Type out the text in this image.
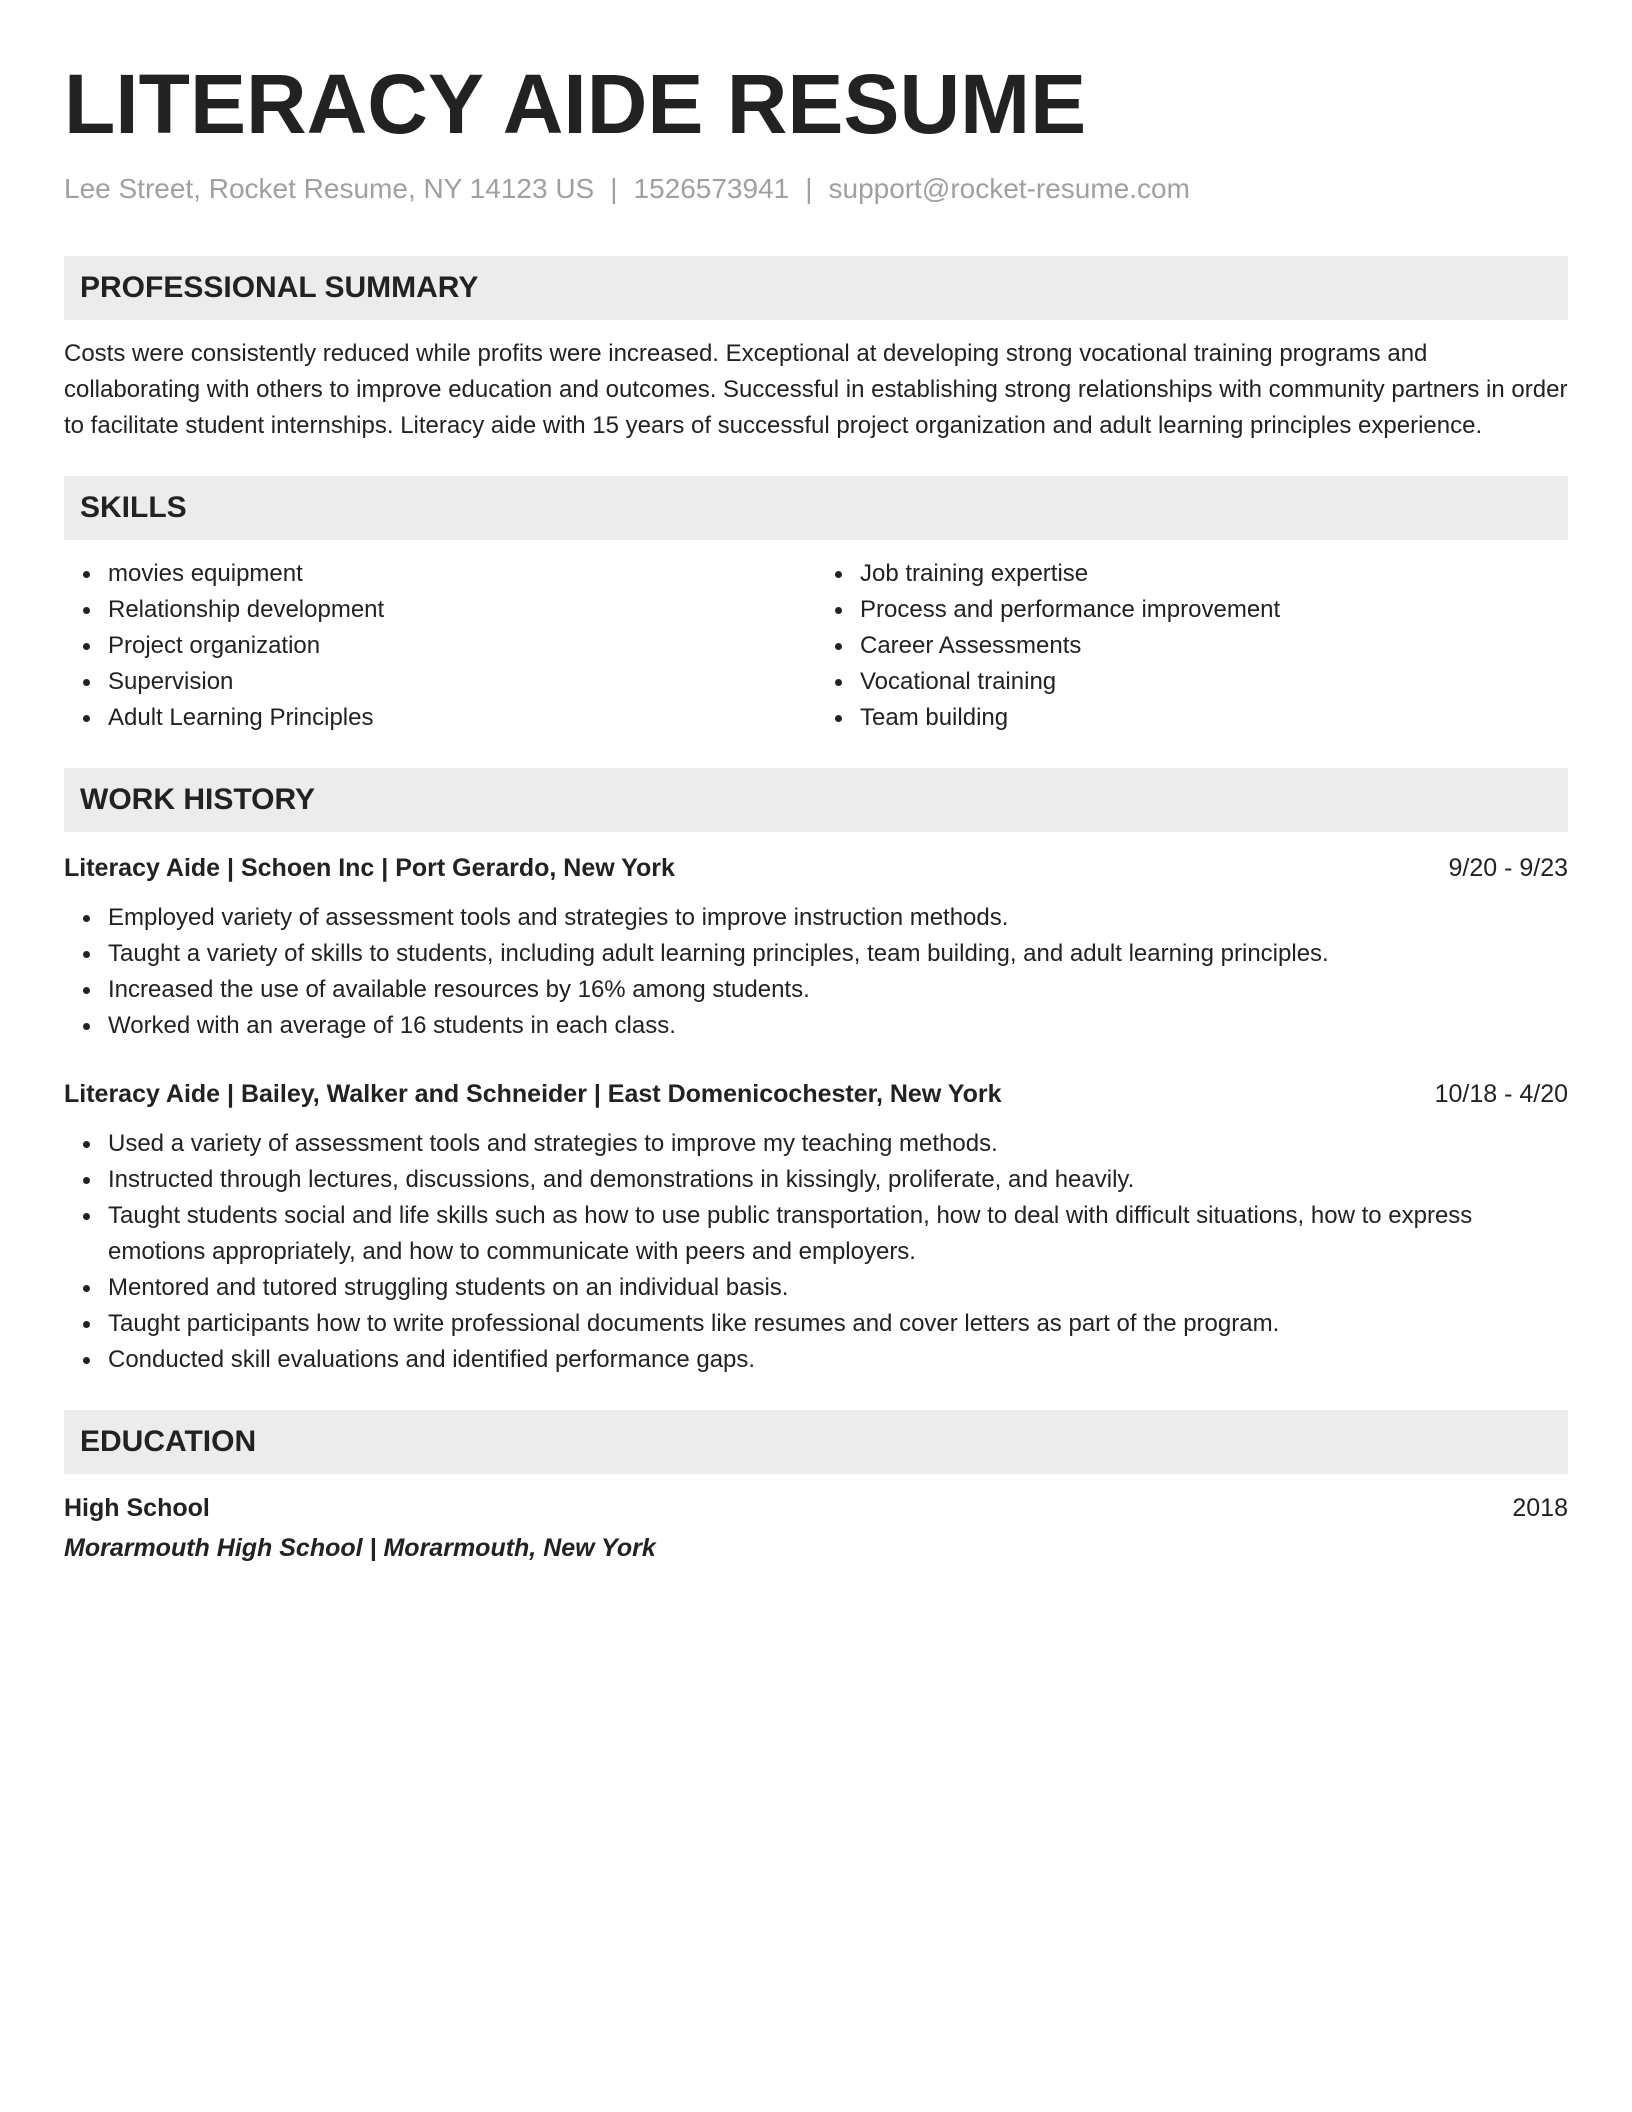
LITERACY AIDE RESUME
Lee Street, Rocket Resume, NY 14123 US | 1526573941 | support@rocket-resume.com
PROFESSIONAL SUMMARY

Costs were consistently reduced while profits were increased. Exceptional at developing strong vocational training programs and collaborating with others to improve education and outcomes. Successful in establishing strong relationships with community partners in order to facilitate student internships. Literacy aide with 15 years of successful project organization and adult learning principles experience.

SKILLS
movies equipment
Relationship development
Project organization
Supervision
Adult Learning Principles
Job training expertise
Process and performance improvement
Career Assessments
Vocational training
Team building
WORK HISTORY
Literacy Aide | Schoen Inc | Port Gerardo, New York	9/20 - 9/23
Employed variety of assessment tools and strategies to improve instruction methods.
Taught a variety of skills to students, including adult learning principles, team building, and adult learning principles.
Increased the use of available resources by 16% among students.
Worked with an average of 16 students in each class.
Literacy Aide | Bailey, Walker and Schneider | East Domenicochester, New York	10/18 - 4/20
Used a variety of assessment tools and strategies to improve my teaching methods.
Instructed through lectures, discussions, and demonstrations in kissingly, proliferate, and heavily.
Taught students social and life skills such as how to use public transportation, how to deal with difficult situations, how to express emotions appropriately, and how to communicate with peers and employers.
Mentored and tutored struggling students on an individual basis.
Taught participants how to write professional documents like resumes and cover letters as part of the program.
Conducted skill evaluations and identified performance gaps.
EDUCATION
High School	2018
Morarmouth High School | Morarmouth, New York
